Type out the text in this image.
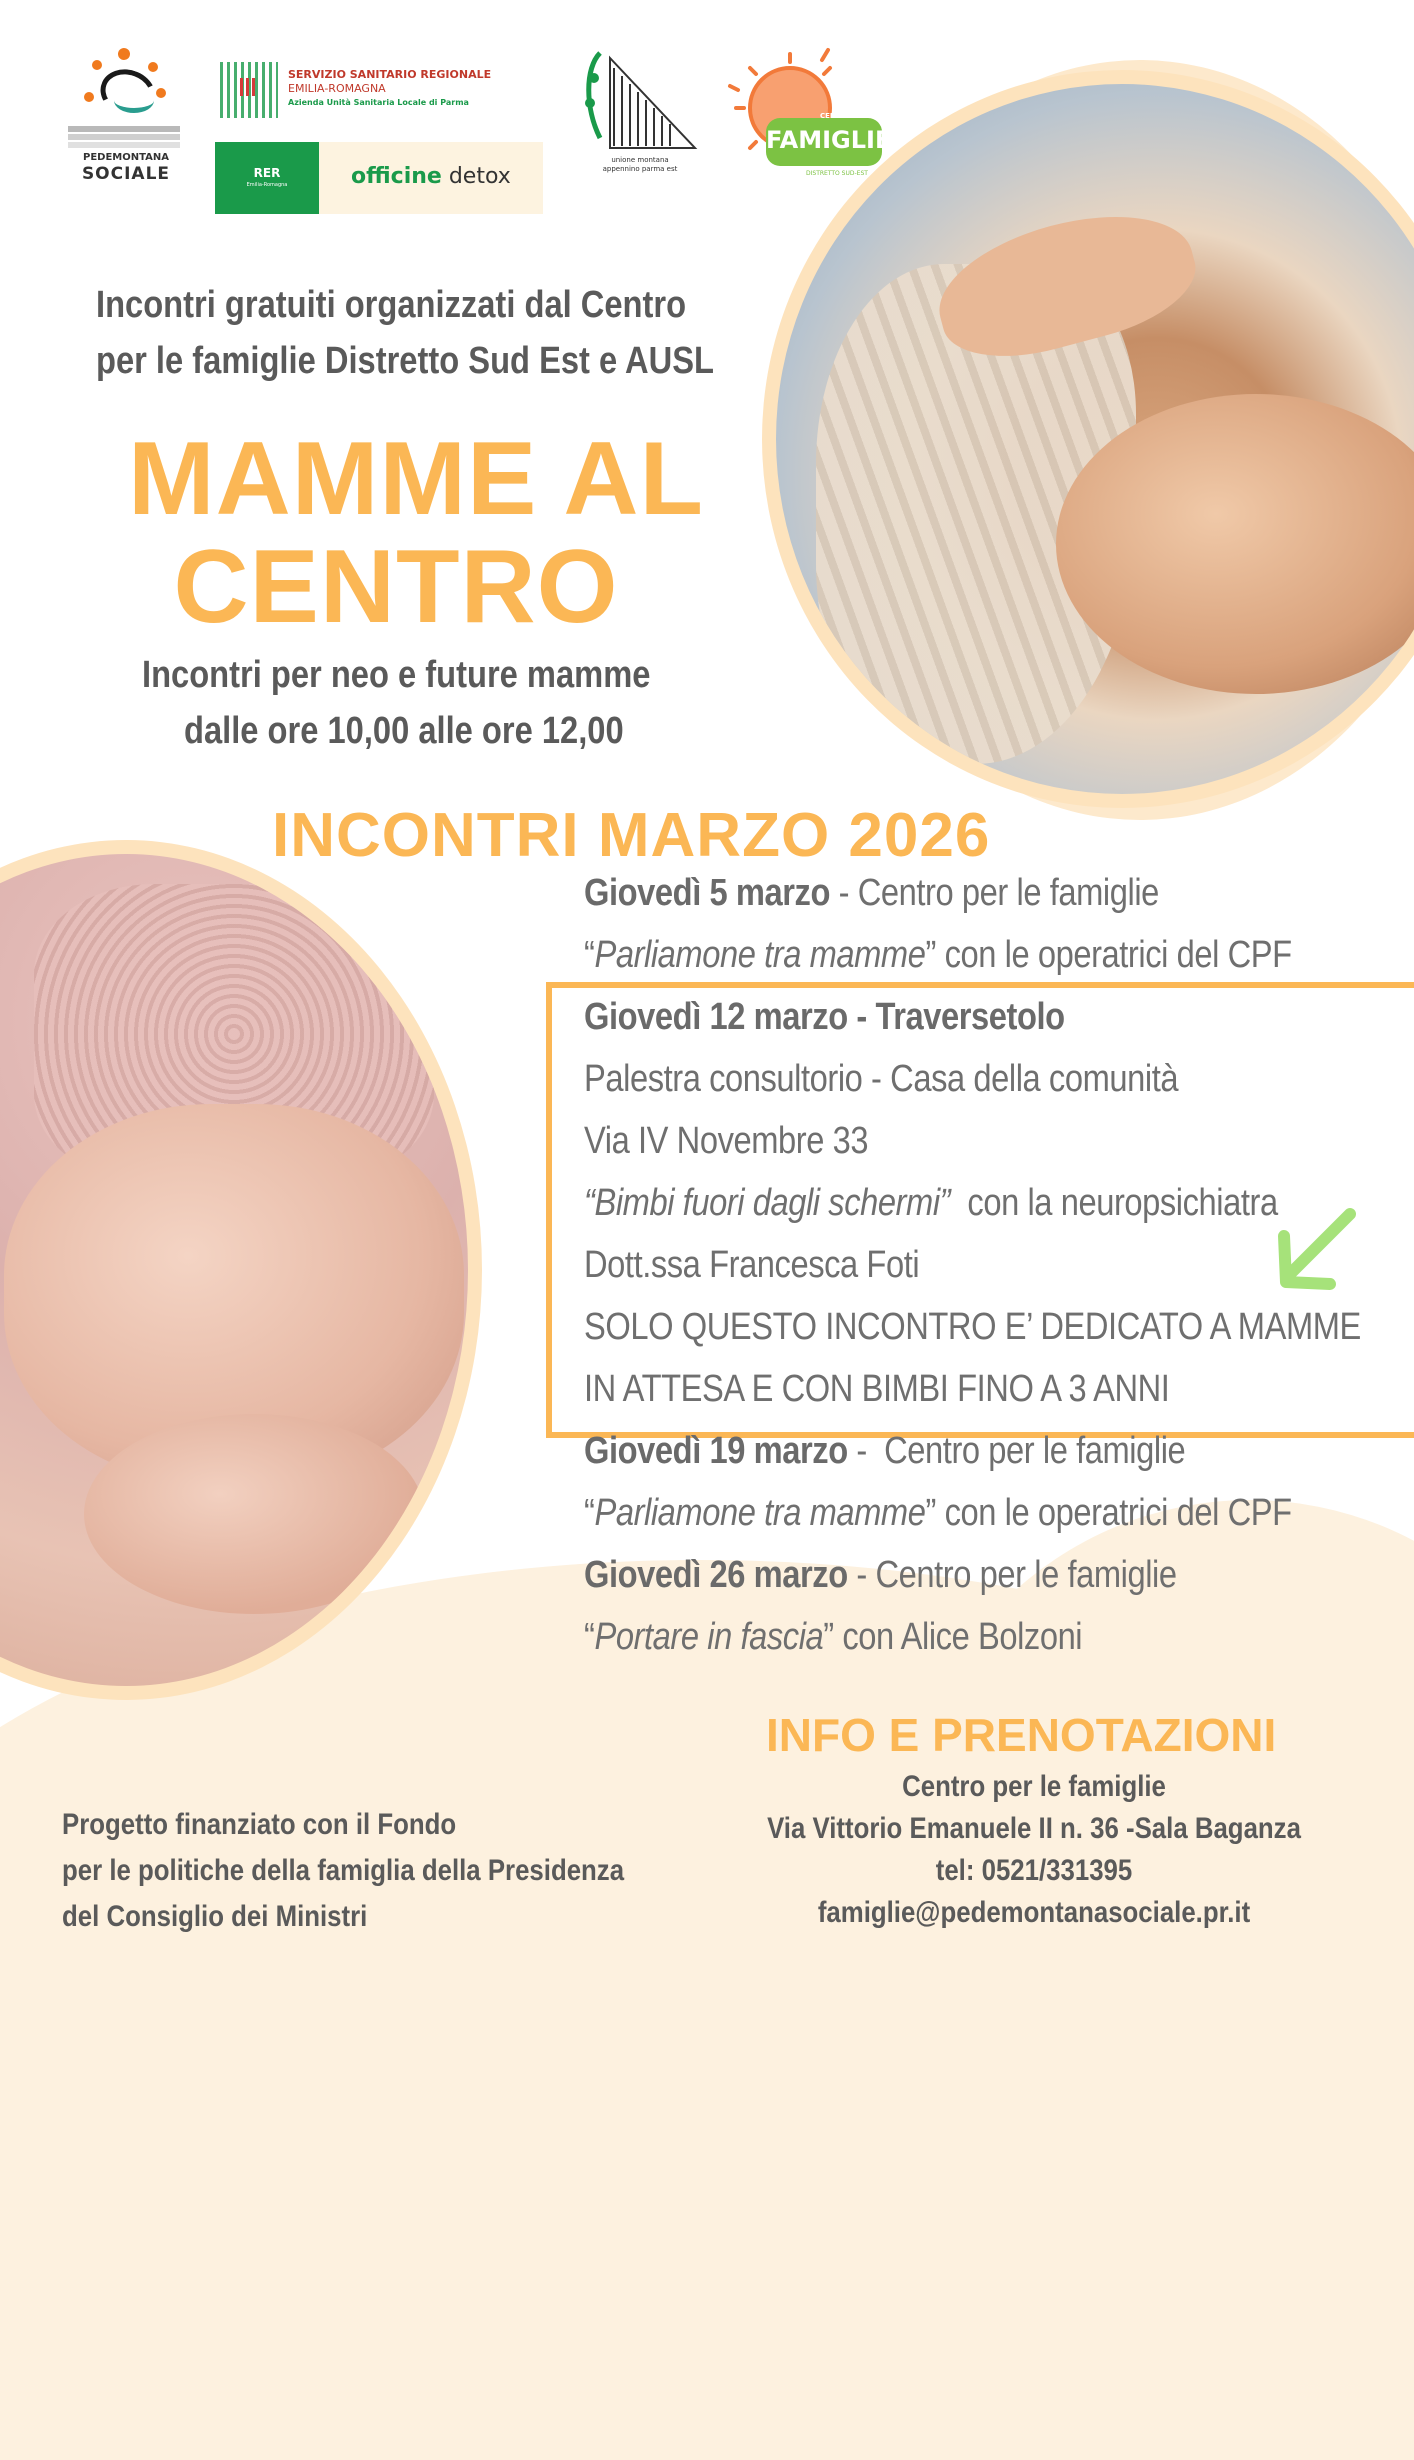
PEDEMONTANA
SOCIALE
SERVIZIO SANITARIO REGIONALE
EMILIA-ROMAGNA
Azienda Unità Sanitaria Locale di Parma
RER
Emilia-Romagna	officine detox
unione montana
appennino parma est
CENTRO PER LE
FAMIGLIE
DISTRETTO SUD-EST
Incontri gratuiti organizzati dal Centro
per le famiglie Distretto Sud Est e AUSL
MAMME AL
CENTRO
Incontri per neo e future mamme
dalle ore 10,00 alle ore 12,00
INCONTRI MARZO 2026
Giovedì 5 marzo - Centro per le famiglie
“Parliamone tra mamme” con le operatrici del CPF
Giovedì 12 marzo - Traversetolo
Palestra consultorio - Casa della comunità
Via IV Novembre 33
“Bimbi fuori dagli schermi”  con la neuropsichiatra
Dott.ssa Francesca Foti
SOLO QUESTO INCONTRO E’ DEDICATO A MAMME
IN ATTESA E CON BIMBI FINO A 3 ANNI
Giovedì 19 marzo -  Centro per le famiglie
“Parliamone tra mamme” con le operatrici del CPF
Giovedì 26 marzo - Centro per le famiglie
“Portare in fascia” con Alice Bolzoni
INFO E PRENOTAZIONI
Centro per le famiglie
Via Vittorio Emanuele II n. 36 -Sala Baganza
tel: 0521/331395
famiglie@pedemontanasociale.pr.it
Progetto finanziato con il Fondo
per le politiche della famiglia della Presidenza
del Consiglio dei Ministri
